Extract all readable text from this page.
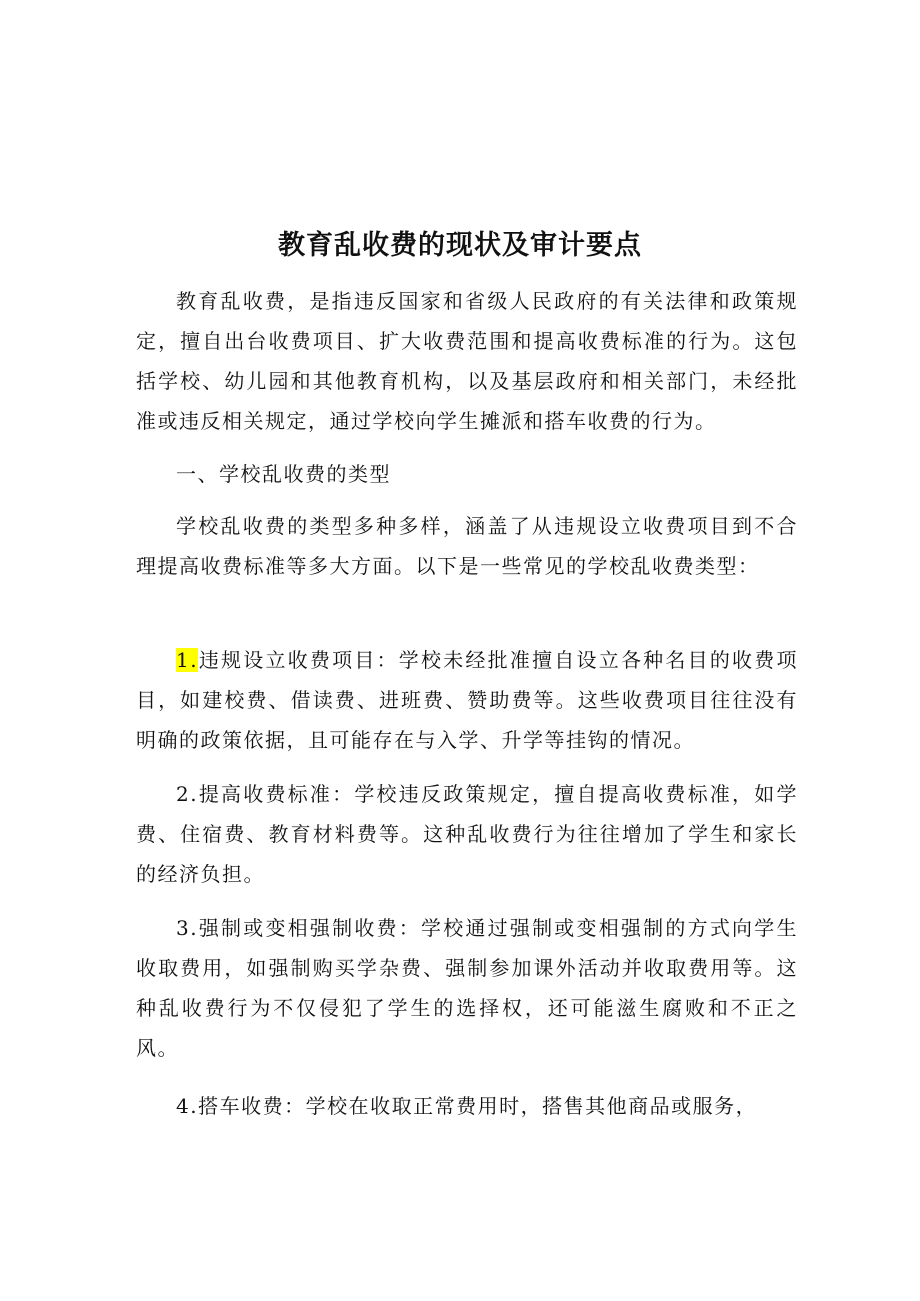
教育乱收费的现状及审计要点

教育乱收费，是指违反国家和省级人民政府的有关法律和政策规定，擅自出台收费项目、扩大收费范围和提高收费标准的行为。这包括学校、幼儿园和其他教育机构，以及基层政府和相关部门，未经批准或违反相关规定，通过学校向学生摊派和搭车收费的行为。

一、学校乱收费的类型

学校乱收费的类型多种多样，涵盖了从违规设立收费项目到不合理提高收费标准等多大方面。以下是一些常见的学校乱收费类型：

1.违规设立收费项目：学校未经批准擅自设立各种名目的收费项目，如建校费、借读费、进班费、赞助费等。这些收费项目往往没有明确的政策依据，且可能存在与入学、升学等挂钩的情况。

2.提高收费标准：学校违反政策规定，擅自提高收费标准，如学费、住宿费、教育材料费等。这种乱收费行为往往增加了学生和家长的经济负担。

3.强制或变相强制收费：学校通过强制或变相强制的方式向学生收取费用，如强制购买学杂费、强制参加课外活动并收取费用等。这种乱收费行为不仅侵犯了学生的选择权，还可能滋生腐败和不正之风。

4.搭车收费：学校在收取正常费用时，搭售其他商品或服务，
